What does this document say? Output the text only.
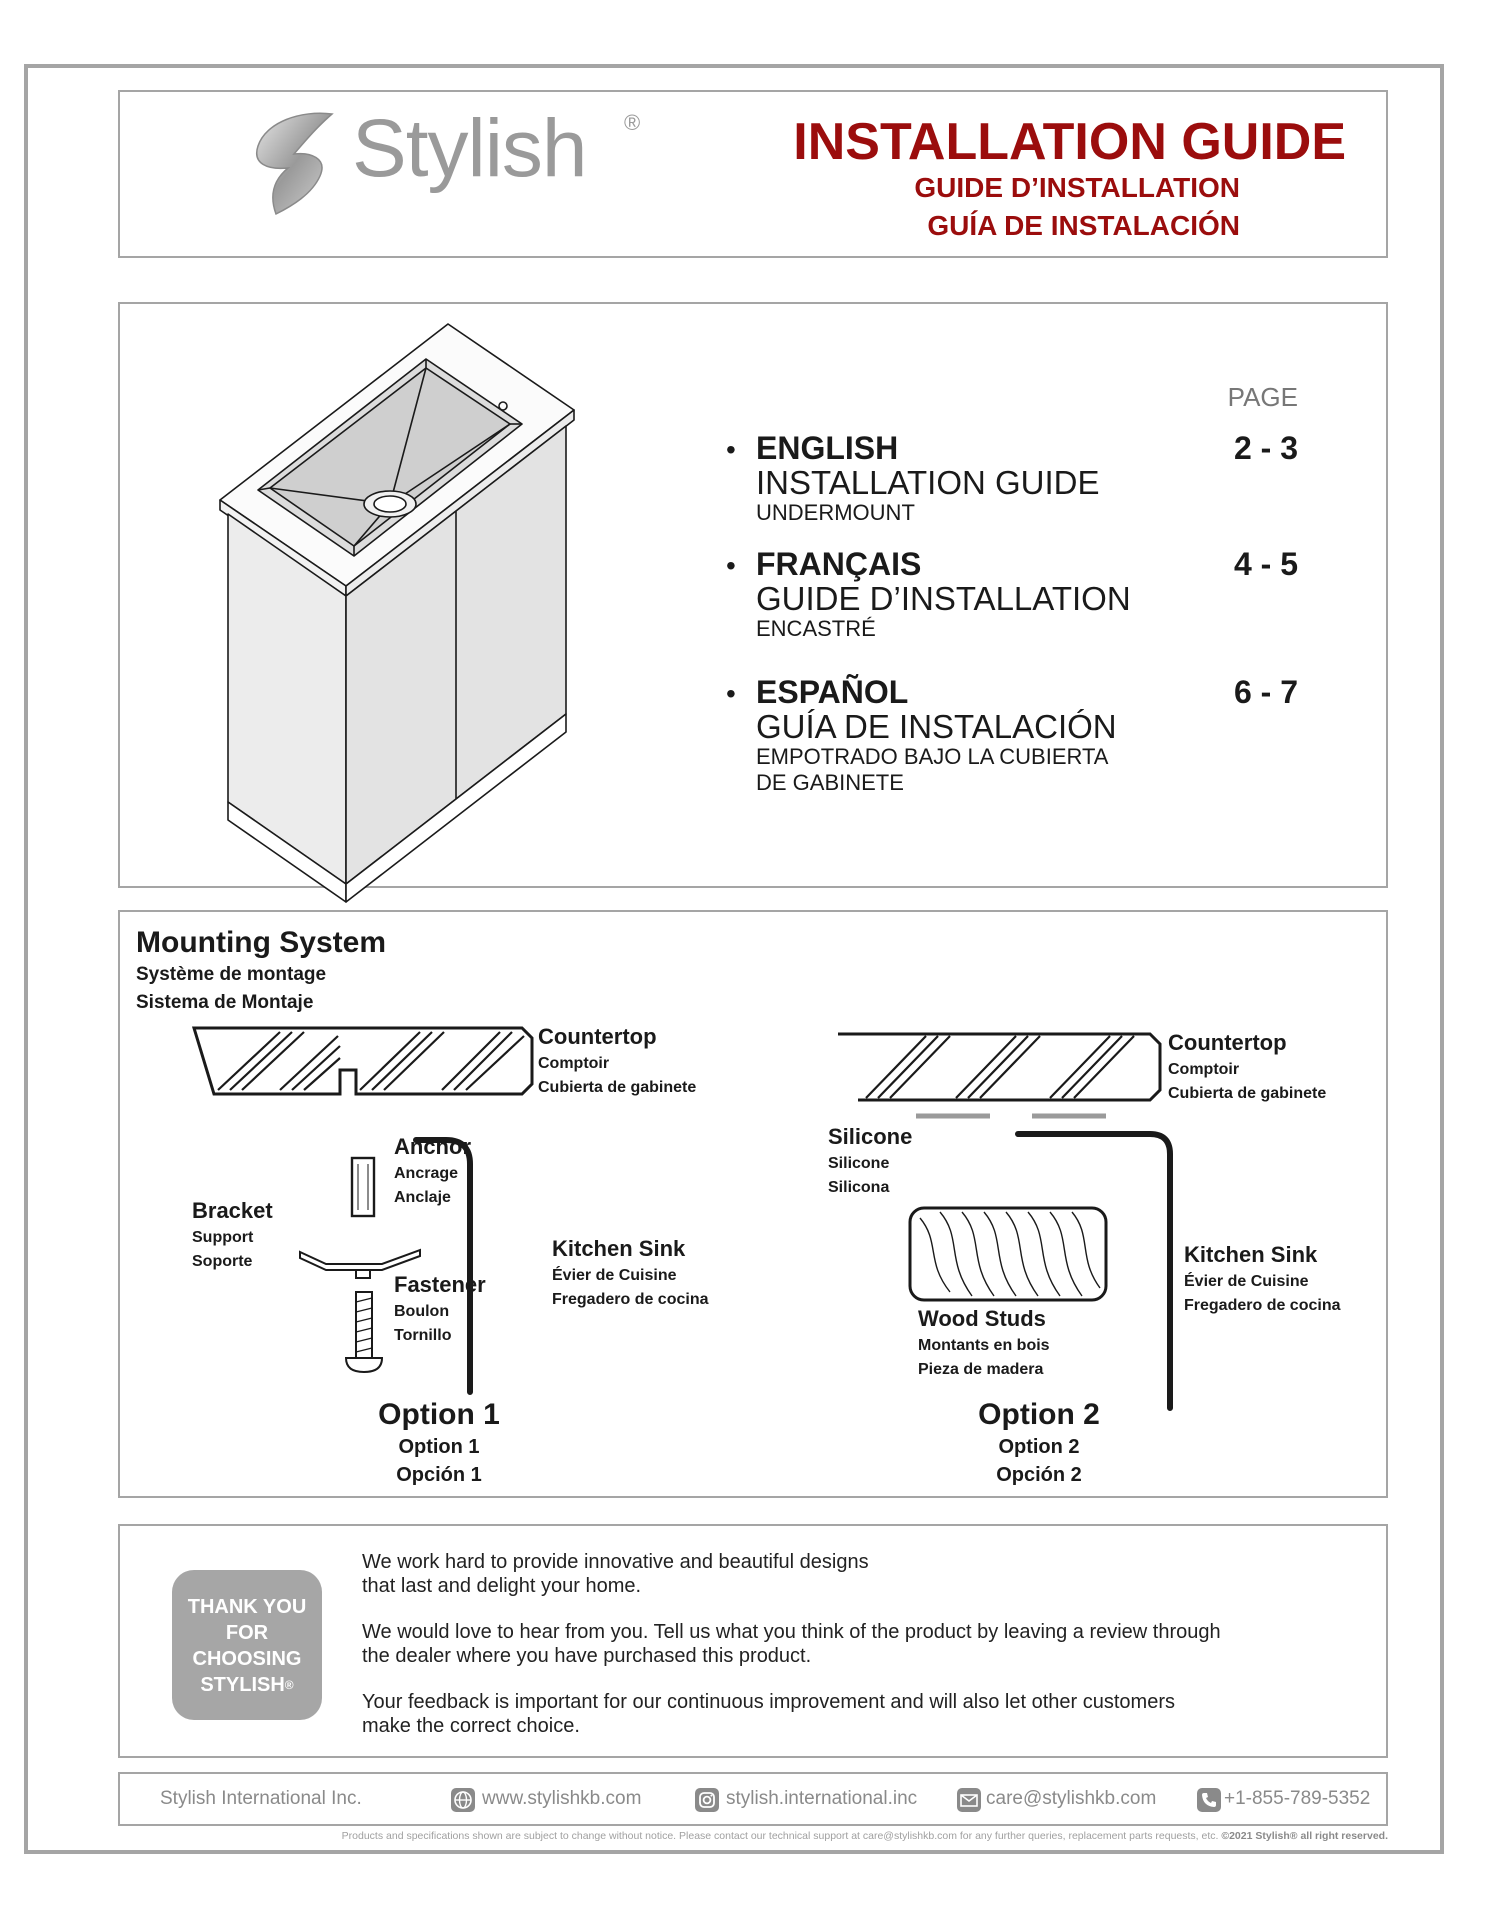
Stylish ®	INSTALLATION GUIDE
GUIDE D’INSTALLATION
GUÍA DE INSTALACIÓN
PAGE
• ENGLISH
INSTALLATION GUIDE
UNDERMOUNT
2 - 3
• FRANÇAIS
GUIDE D’INSTALLATION
ENCASTRÉ
4 - 5
• ESPAÑOL
GUÍA DE INSTALACIÓN
EMPOTRADO BAJO LA CUBIERTA
DE GABINETE
6 - 7
Mounting System
Système de montage
Sistema de Montaje
Countertop
Comptoir
Cubierta de gabinete
Anchor
Ancrage
Anclaje
Bracket
Support
Soporte
Fastener
Boulon
Tornillo
Kitchen Sink
Évier de Cuisine
Fregadero de cocina
Option 1
Option 1
Opción 1
Countertop
Comptoir
Cubierta de gabinete
Silicone
Silicone
Silicona
Wood Studs
Montants en bois
Pieza de madera
Kitchen Sink
Évier de Cuisine
Fregadero de cocina
Option 2
Option 2
Opción 2
THANK YOU
FOR
CHOOSING
STYLISH®
We work hard to provide innovative and beautiful designs
that last and delight your home.
We would love to hear from you. Tell us what you think of the product by leaving a review through
the dealer where you have purchased this product.
Your feedback is important for our continuous improvement and will also let other customers
make the correct choice.
Stylish International Inc.	www.stylishkb.com	stylish.international.inc	care@stylishkb.com	+1-855-789-5352
Products and specifications shown are subject to change without notice. Please contact our technical support at care@stylishkb.com for any further queries, replacement parts requests, etc. ©2021 Stylish® all right reserved.
